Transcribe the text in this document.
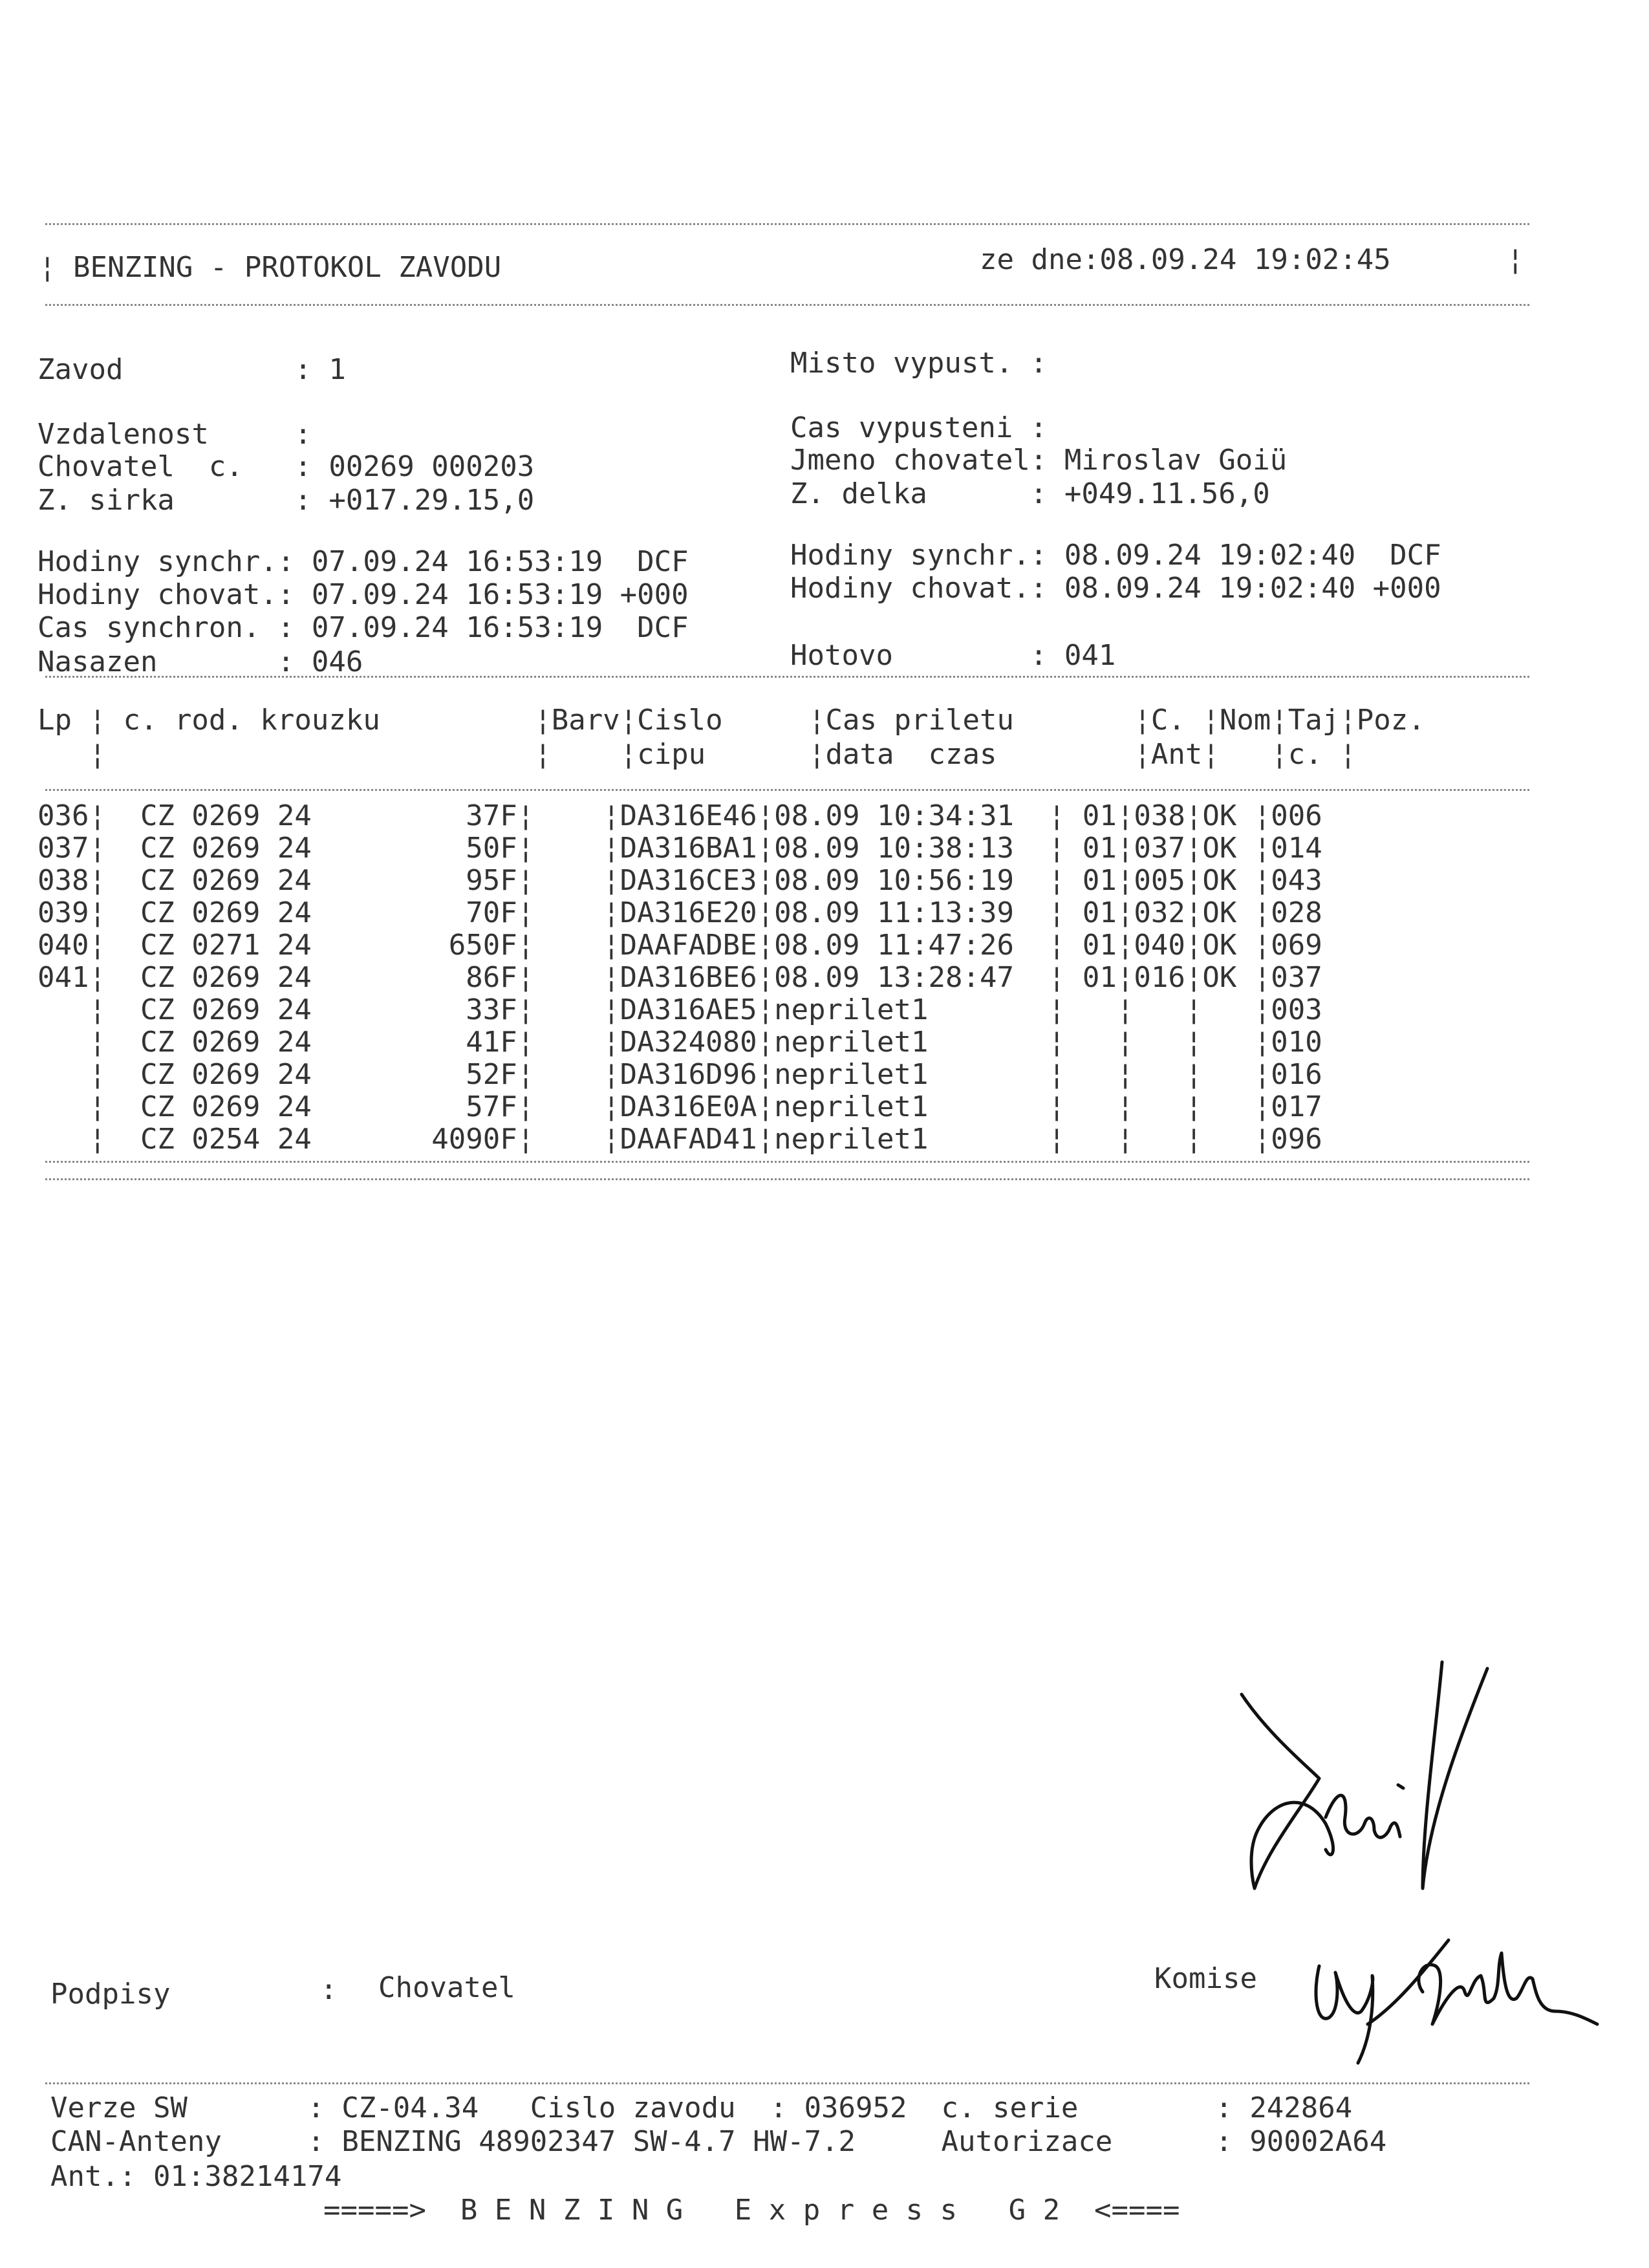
¦ BENZING - PROTOKOL ZAVODU	ze dne:08.09.24 19:02:45	¦
Zavod          : 1
Vzdalenost     :
Chovatel  c.   : 00269 000203
Z. sirka       : +017.29.15,0
Hodiny synchr.: 07.09.24 16:53:19  DCF
Hodiny chovat.: 07.09.24 16:53:19 +000
Cas synchron. : 07.09.24 16:53:19  DCF
Nasazen       : 046
Misto vypust. :
Cas vypusteni :
Jmeno chovatel: Miroslav Goiü
Z. delka      : +049.11.56,0
Hodiny synchr.: 08.09.24 19:02:40  DCF
Hodiny chovat.: 08.09.24 19:02:40 +000
Hotovo        : 041
Lp ¦ c. rod. krouzku         ¦Barv¦Cislo     ¦Cas priletu       ¦C. ¦Nom¦Taj¦Poz.
¦                         ¦    ¦cipu      ¦data  czas        ¦Ant¦   ¦c. ¦
036¦  CZ 0269 24         37F¦    ¦DA316E46¦08.09 10:34:31  ¦ 01¦038¦OK ¦006
037¦  CZ 0269 24         50F¦    ¦DA316BA1¦08.09 10:38:13  ¦ 01¦037¦OK ¦014
038¦  CZ 0269 24         95F¦    ¦DA316CE3¦08.09 10:56:19  ¦ 01¦005¦OK ¦043
039¦  CZ 0269 24         70F¦    ¦DA316E20¦08.09 11:13:39  ¦ 01¦032¦OK ¦028
040¦  CZ 0271 24        650F¦    ¦DAAFADBE¦08.09 11:47:26  ¦ 01¦040¦OK ¦069
041¦  CZ 0269 24         86F¦    ¦DA316BE6¦08.09 13:28:47  ¦ 01¦016¦OK ¦037
¦  CZ 0269 24         33F¦    ¦DA316AE5¦neprilet1       ¦   ¦   ¦   ¦003
¦  CZ 0269 24         41F¦    ¦DA324080¦neprilet1       ¦   ¦   ¦   ¦010
¦  CZ 0269 24         52F¦    ¦DA316D96¦neprilet1       ¦   ¦   ¦   ¦016
¦  CZ 0269 24         57F¦    ¦DA316E0A¦neprilet1       ¦   ¦   ¦   ¦017
¦  CZ 0254 24       4090F¦    ¦DAAFAD41¦neprilet1       ¦   ¦   ¦   ¦096
Podpisy	: Chovatel	Komise
Verze SW       : CZ-04.34   Cislo zavodu  : 036952  c. serie        : 242864
CAN-Anteny     : BENZING 48902347 SW-4.7 HW-7.2     Autorizace      : 90002A64
Ant.: 01:38214174
=====>  B E N Z I N G   E x p r e s s   G 2  <====
